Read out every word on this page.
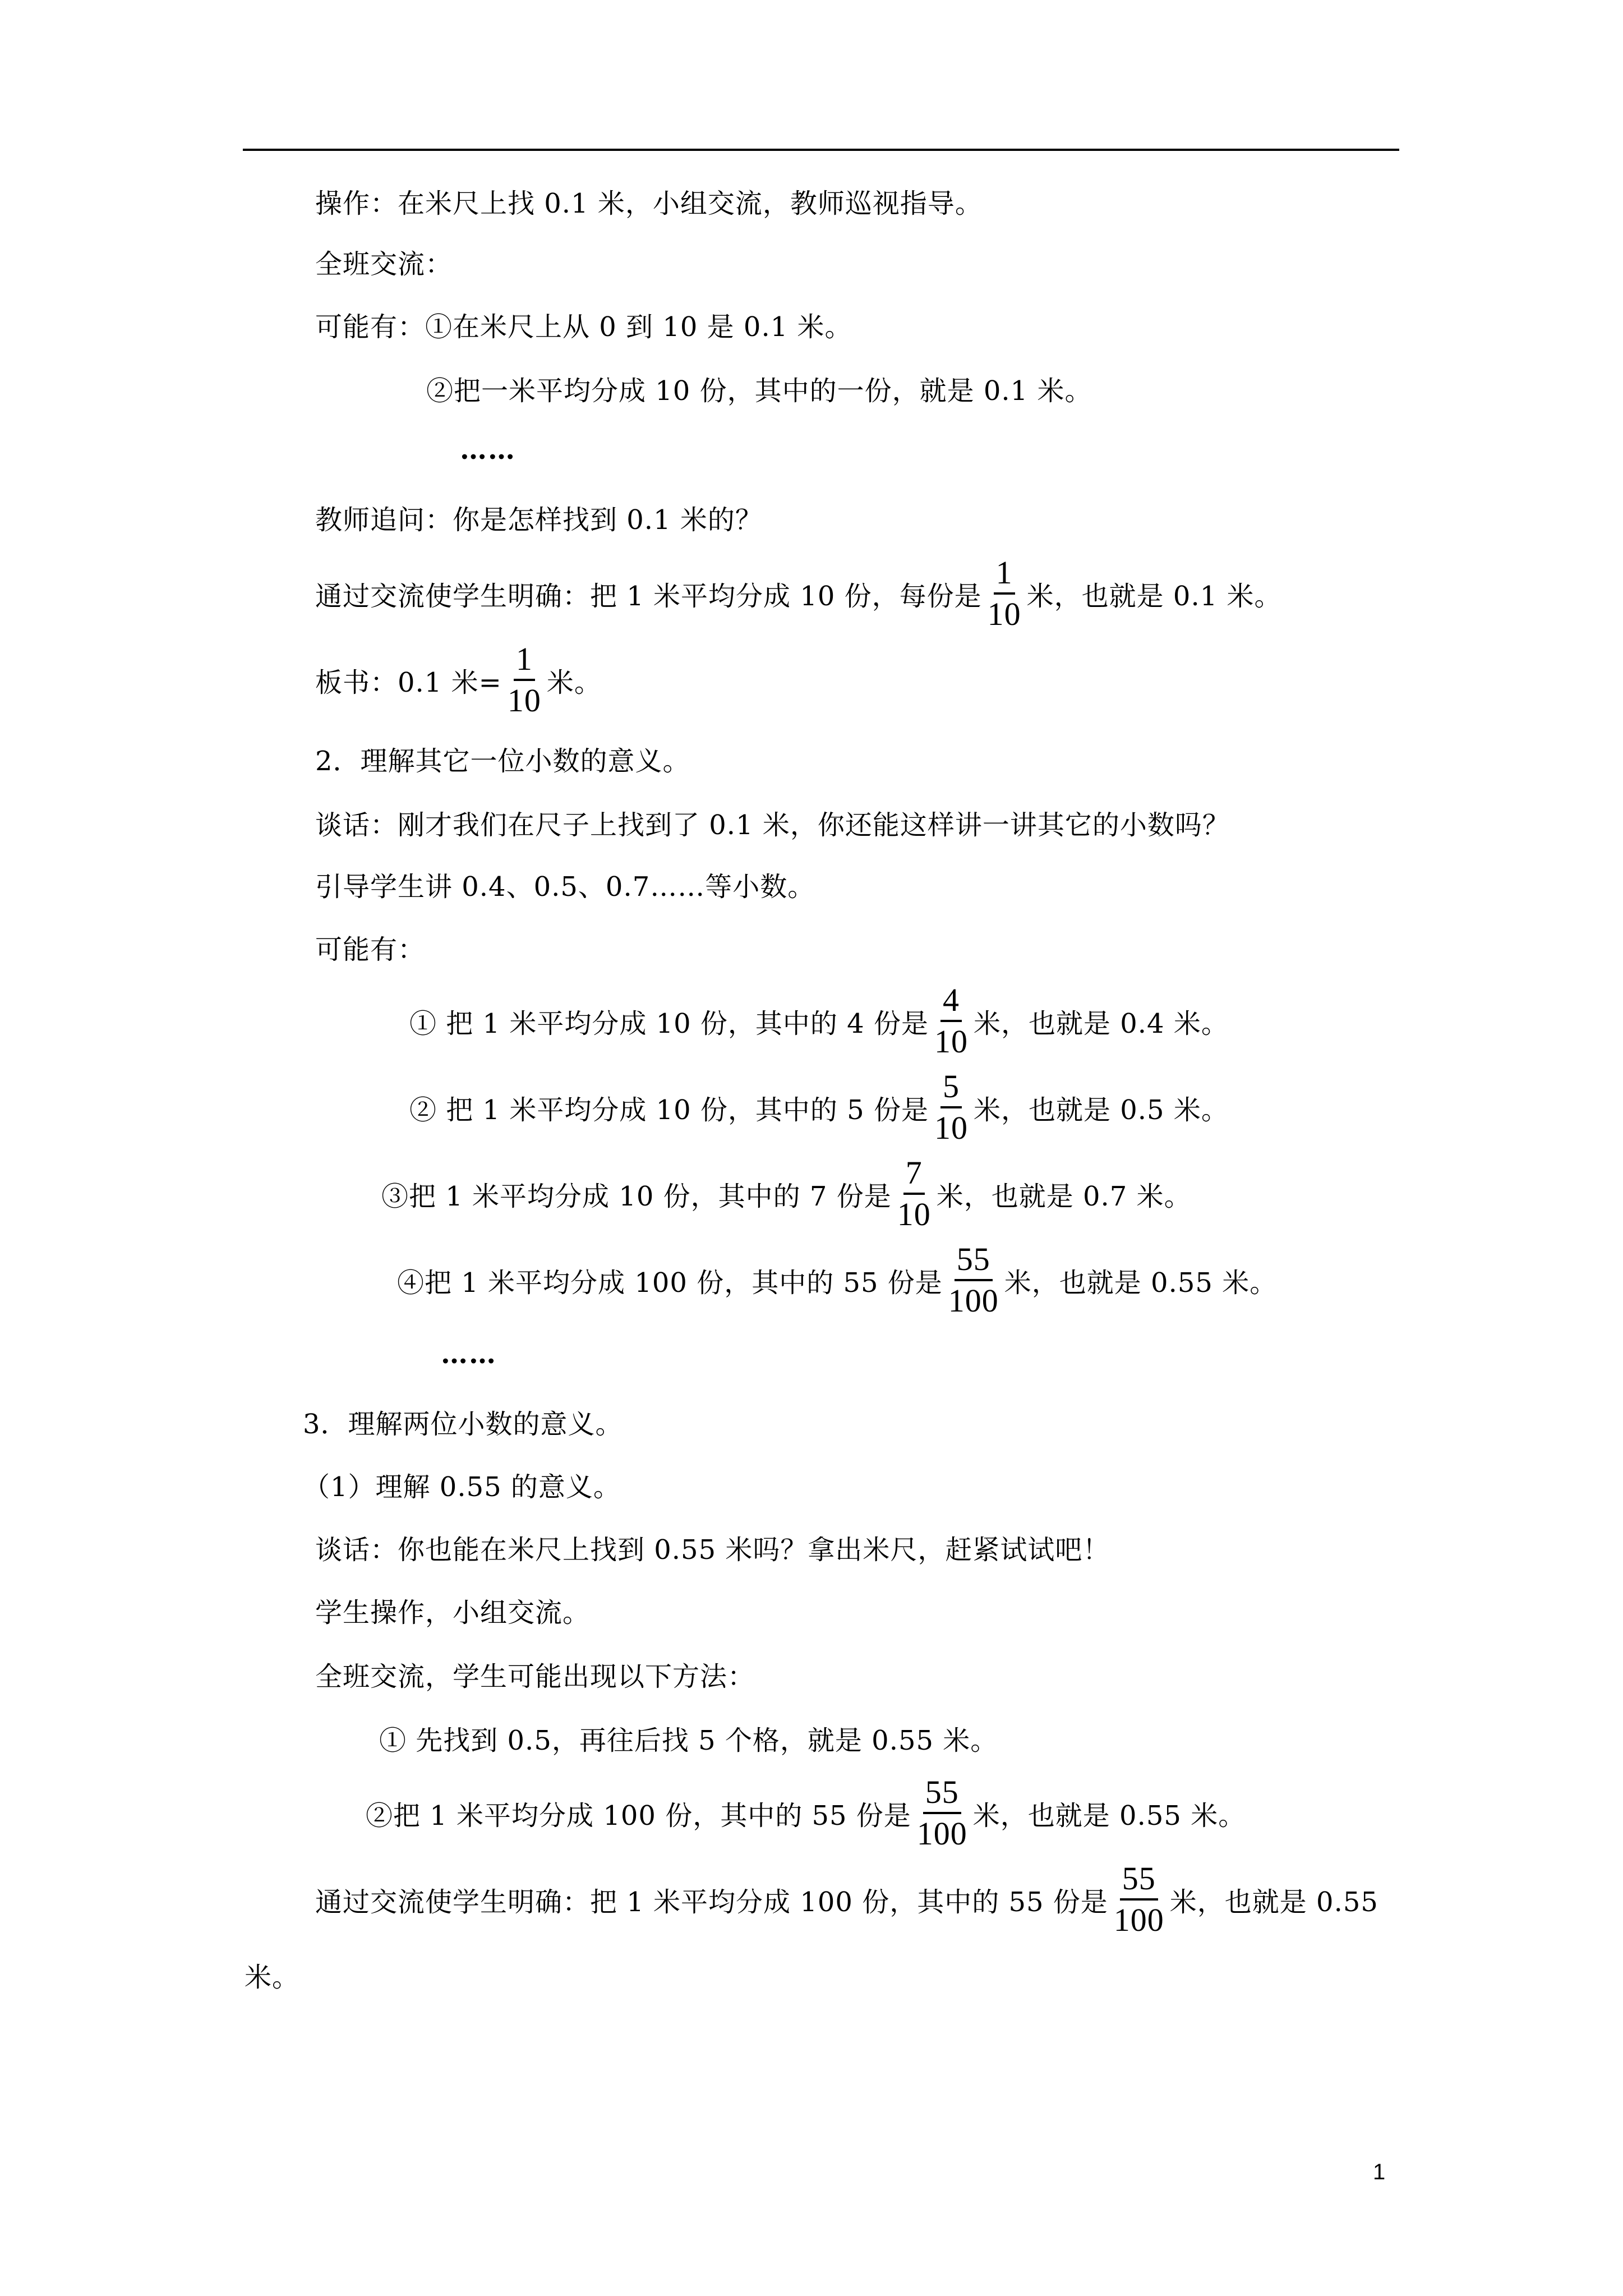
操作：在米尺上找 0.1 米，小组交流，教师巡视指导。
全班交流：
可能有：①在米尺上从 0 到 10 是 0.1 米。
②把一米平均分成 10 份，其中的一份，就是 0.1 米。
……
教师追问：你是怎样找到 0.1 米的？
通过交流使学生明确：把 1 米平均分成 10 份，每份是 $\frac{1}{10}$ 米，也就是 0.1 米。
板书：0.1 米= $\frac{1}{10}$ 米。
2．理解其它一位小数的意义。
谈话：刚才我们在尺子上找到了 0.1 米，你还能这样讲一讲其它的小数吗？
引导学生讲 0.4、0.5、0.7……等小数。
可能有：
① 把 1 米平均分成 10 份，其中的 4 份是 $\frac{4}{10}$ 米，也就是 0.4 米。
② 把 1 米平均分成 10 份，其中的 5 份是 $\frac{5}{10}$ 米，也就是 0.5 米。
③把 1 米平均分成 10 份，其中的 7 份是 $\frac{7}{10}$ 米，也就是 0.7 米。
④把 1 米平均分成 100 份，其中的 55 份是 $\frac{55}{100}$ 米，也就是 0.55 米。
……
3．理解两位小数的意义。
（1）理解 0.55 的意义。
谈话：你也能在米尺上找到 0.55 米吗？拿出米尺，赶紧试试吧！
学生操作，小组交流。
全班交流，学生可能出现以下方法：
① 先找到 0.5，再往后找 5 个格，就是 0.55 米。
②把 1 米平均分成 100 份，其中的 55 份是 $\frac{55}{100}$ 米，也就是 0.55 米。
通过交流使学生明确：把 1 米平均分成 100 份，其中的 55 份是 $\frac{55}{100}$ 米，也就是 0.55
米。
1
